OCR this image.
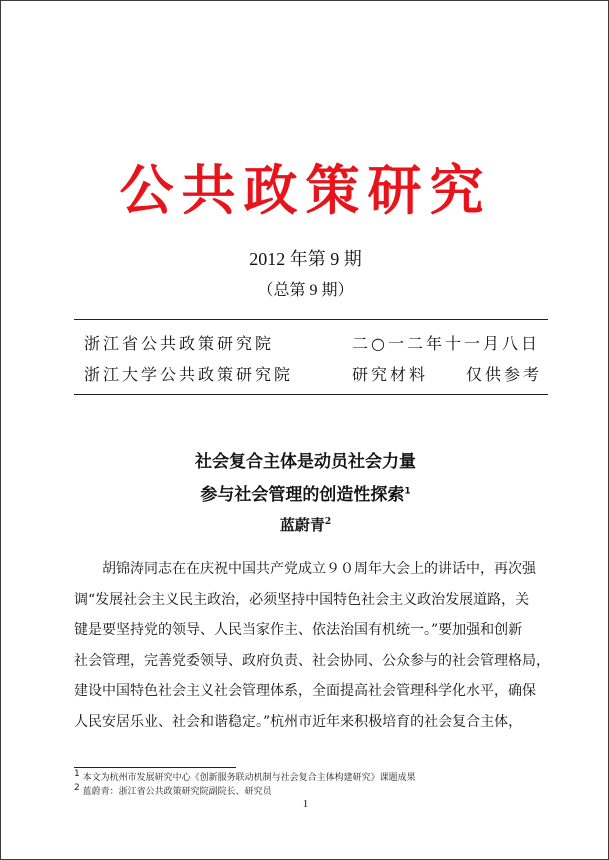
公共政策研究
2012 年第 9 期
（总第 9 期）
浙江省公共政策研究院	二○一二年十一月八日
浙江大学公共政策研究院	研究材料　　仅供参考
社会复合主体是动员社会力量
参与社会管理的创造性探索$^1$
蓝蔚青$^2$
　　胡锦涛同志在在庆祝中国共产党成立９０周年大会上的讲话中，再次强
调“发展社会主义民主政治，必须坚持中国特色社会主义政治发展道路，关
键是要坚持党的领导、人民当家作主、依法治国有机统一。”要加强和创新
社会管理，完善党委领导、政府负责、社会协同、公众参与的社会管理格局，
建设中国特色社会主义社会管理体系，全面提高社会管理科学化水平，确保
人民安居乐业、社会和谐稳定。”杭州市近年来积极培育的社会复合主体，
$^1$ 本文为杭州市发展研究中心《创新服务联动机制与社会复合主体构建研究》课题成果
$^2$ 蓝蔚青：浙江省公共政策研究院副院长、研究员
1
